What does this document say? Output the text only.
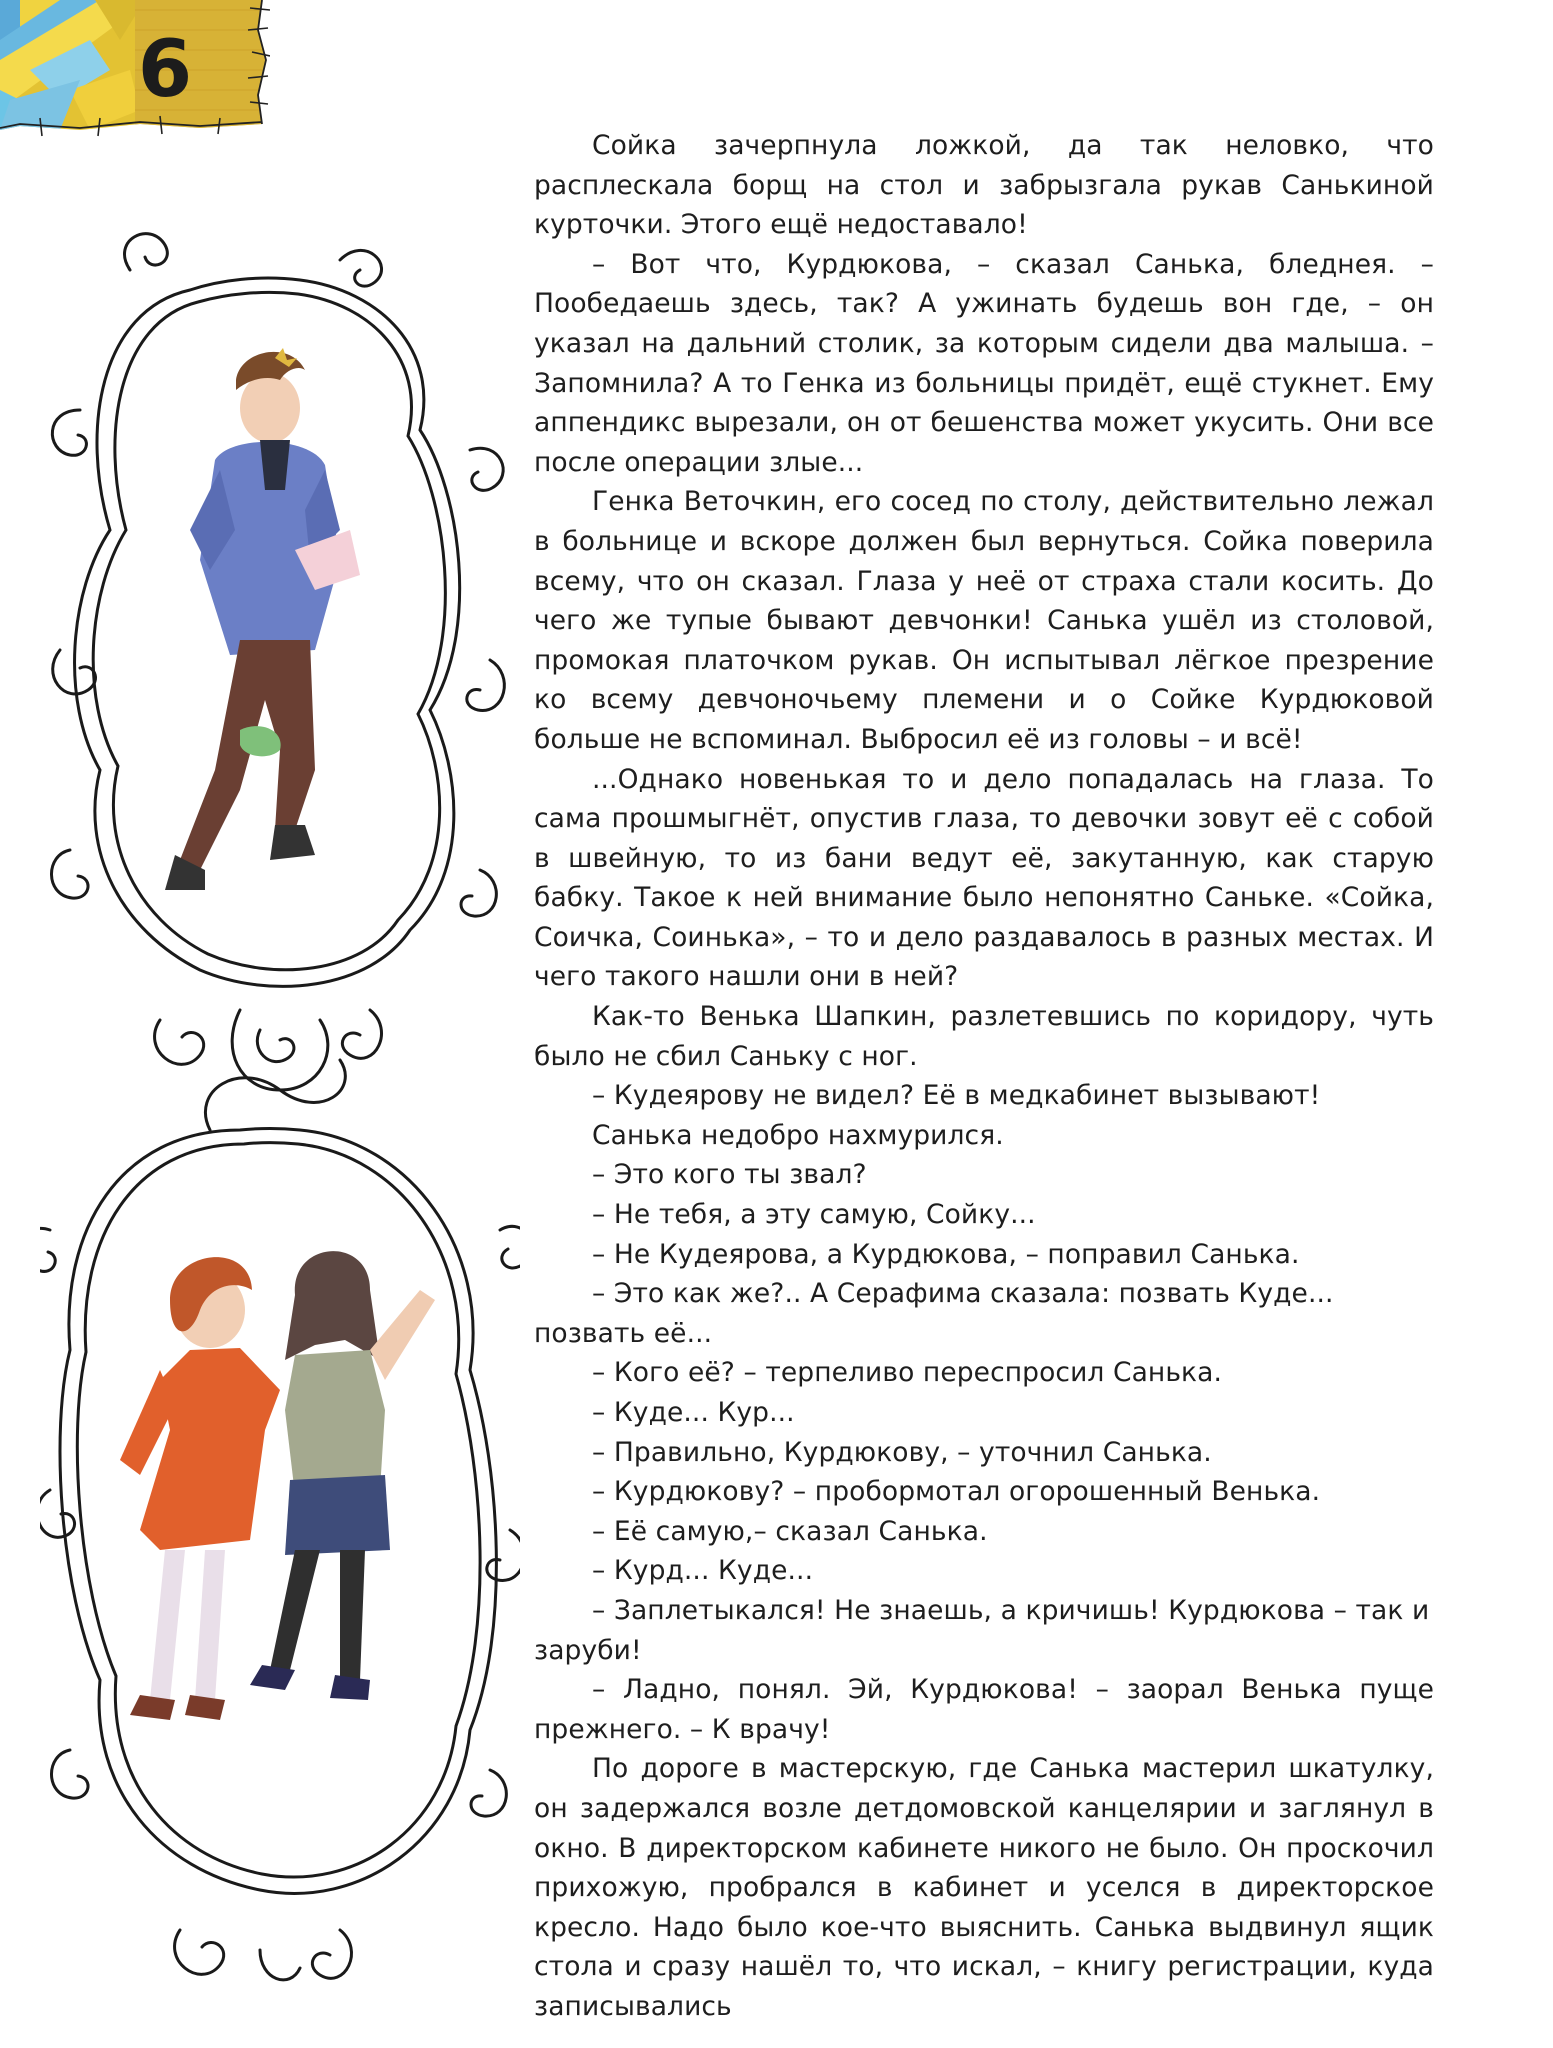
6

Сойка зачерпнула ложкой, да так неловко, что расплескала борщ на стол и забрызгала рукав Санькиной курточки. Этого ещё недоставало!

– Вот что, Курдюкова, – сказал Санька, бледнея. – Пообедаешь здесь, так? А ужинать будешь вон где, – он указал на дальний столик, за которым сидели два малыша. – Запомнила? А то Генка из больницы придёт, ещё стукнет. Ему аппендикс вырезали, он от бешенства может укусить. Они все после операции злые...

Генка Веточкин, его сосед по столу, действительно лежал в больнице и вскоре должен был вернуться. Сойка поверила всему, что он сказал. Глаза у неё от страха стали косить. До чего же тупые бывают девчонки! Санька ушёл из столовой, промокая платочком рукав. Он испытывал лёгкое презрение ко всему девчоночьему племени и о Сойке Курдюковой больше не вспоминал. Выбросил её из головы – и всё!

...Однако новенькая то и дело попадалась на глаза. То сама прошмыгнёт, опустив глаза, то девочки зовут её с собой в швейную, то из бани ведут её, закутанную, как старую бабку. Такое к ней внимание было непонятно Саньке. «Сойка, Соичка, Соинька», – то и дело раздавалось в разных местах. И чего такого нашли они в ней?

Как-то Венька Шапкин, разлетевшись по коридору, чуть было не сбил Саньку с ног.

– Кудеярову не видел? Её в медкабинет вызывают!

Санька недобро нахмурился.

– Это кого ты звал?

– Не тебя, а эту самую, Сойку...

– Не Кудеярова, а Курдюкова, – поправил Санька.

– Это как же?.. А Серафима сказала: позвать Куде... позвать её...

– Кого её? – терпеливо переспросил Санька.

– Куде... Кур...

– Правильно, Курдюкову, – уточнил Санька.

– Курдюкову? – пробормотал огорошенный Венька.

– Её самую,– сказал Санька.

– Курд... Куде...

– Заплетыкался! Не знаешь, а кричишь! Курдюкова – так и заруби!

– Ладно, понял. Эй, Курдюкова! – заорал Венька пуще прежнего. – К врачу!

По дороге в мастерскую, где Санька мастерил шкатулку, он задержался возле детдомовской канцелярии и заглянул в окно. В директорском кабинете никого не было. Он проскочил прихожую, пробрался в кабинет и уселся в директорское кресло. Надо было кое-что выяснить. Санька выдвинул ящик стола и сразу нашёл то, что искал, – книгу регистрации, куда записывались
